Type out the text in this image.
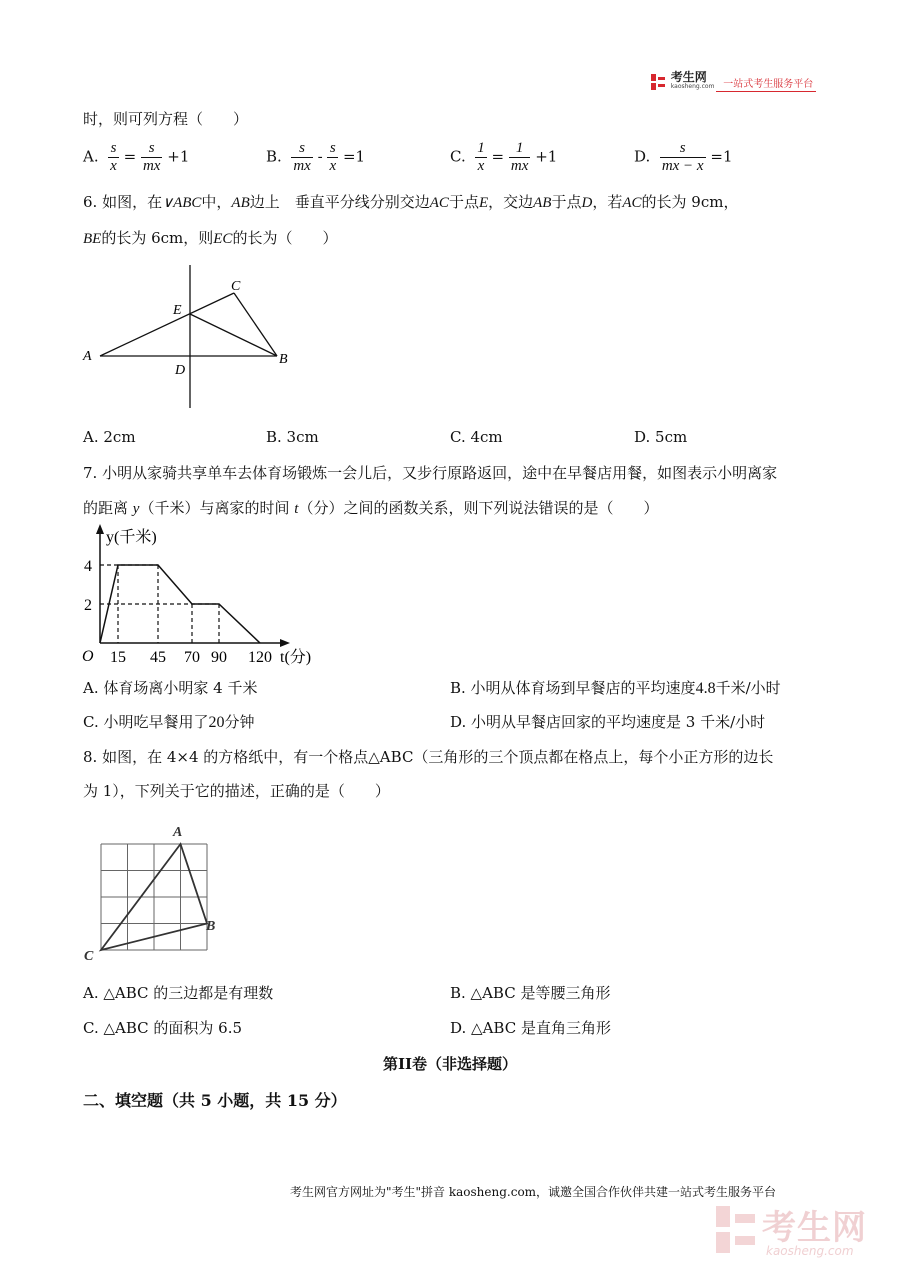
考生网
kaosheng.com 一站式考生服务平台
时，则可列方程（　　）
A. $\frac{s}{x} = \frac{s}{mx} +1$	B. $\frac{s}{mx} - \frac{s}{x} =1$	C. $\frac{1}{x} = \frac{1}{mx} +1$	D. $\frac{s}{mx - x} =1$
6. 如图，在∨ABC中，AB边上　垂直平分线分别交边AC于点E，交边AB于点D，若AC的长为 9cm，
BE的长为 6cm，则EC的长为（　　）
A	B
C
D
E
A. 2cm	B. 3cm	C. 4cm	D. 5cm
7. 小明从家骑共享单车去体育场锻炼一会儿后，又步行原路返回，途中在早餐店用餐，如图表示小明离家
的距离 y（千米）与离家的时间 t（分）之间的函数关系，则下列说法错误的是（　　）
15 45 70 90 120
2
4
y(千米)
t(分)
O
A. 体育场离小明家 4 千米	B. 小明从体育场到早餐店的平均速度4.8千米/小时
C. 小明吃早餐用了20分钟	D. 小明从早餐店回家的平均速度是 3 千米/小时
8. 如图，在 4×4 的方格纸中，有一个格点△ABC（三角形的三个顶点都在格点上，每个小正方形的边长
为 1），下列关于它的描述，正确的是（　　）
A
B
C
A. △ABC 的三边都是有理数	B. △ABC 是等腰三角形
C. △ABC 的面积为 6.5	D. △ABC 是直角三角形
第II卷（非选择题）
二、填空题（共 5 小题，共 15 分）
考生网官方网址为"考生"拼音 kaosheng.com，诚邀全国合作伙伴共建一站式考生服务平台
考生网
kaosheng.com
